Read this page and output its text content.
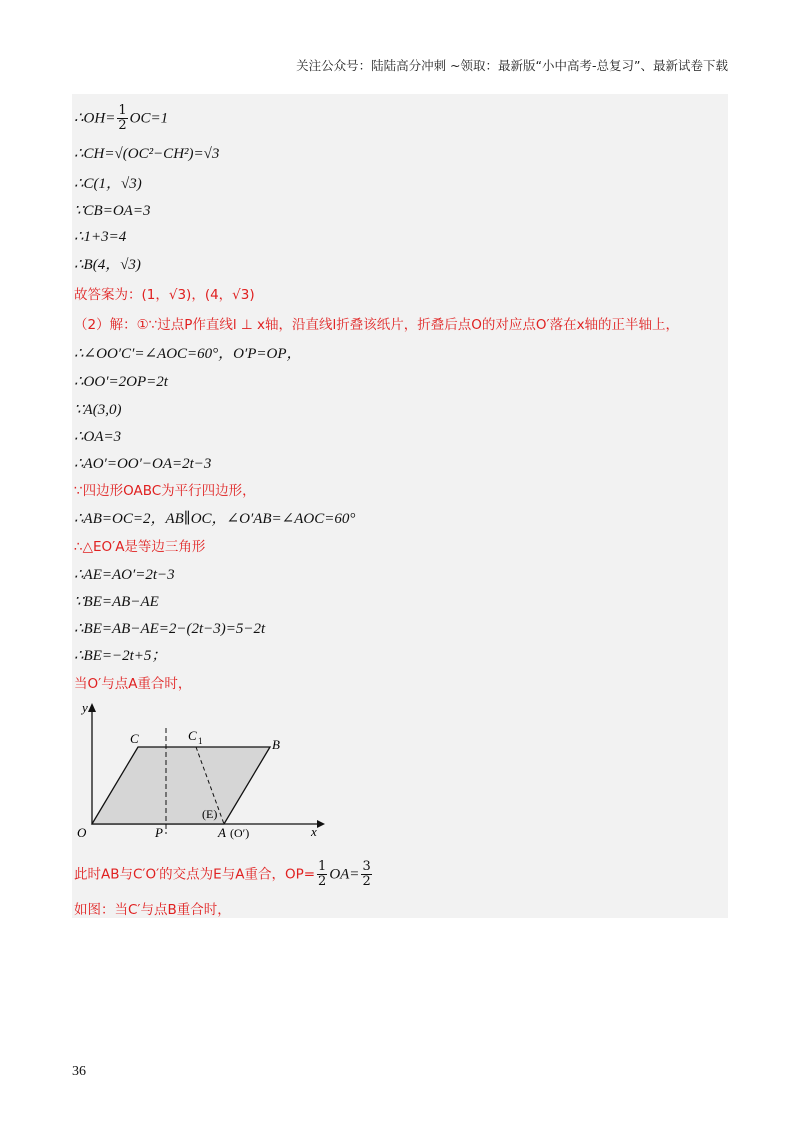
关注公众号：陆陆高分冲刺 ~领取：最新版“小中高考-总复习”、最新试卷下载
∴OH= $\frac{1}{2} OC=1$
∴CH=√(OC²−CH²)=√3
∴C(1，√3)
∵CB=OA=3
∴1+3=4
∴B(4，√3)
故答案为：(1，√3)，(4，√3)
（2）解：①∵过点P作直线l ⊥ x轴，沿直线l折叠该纸片，折叠后点O的对应点O′落在x轴的正半轴上，
∴∠OO′C′=∠AOC=60°，O′P=OP，
∴OO′=2OP=2t
∵A(3,0)
∴OA=3
∴AO′=OO′−OA=2t−3
∵四边形OABC为平行四边形，
∴AB=OC=2，AB∥OC，∠O′AB=∠AOC=60°
∴△EO′A是等边三角形
∴AE=AO′=2t−3
∵BE=AB−AE
∴BE=AB−AE=2−(2t−3)=5−2t
∴BE=−2t+5；
当O′与点A重合时，
y
x
C	C 1	B
(E)
O	P	A (O′)
此时AB与C′O′的交点为E与A重合，$OP= \frac{1}{2} OA= \frac{3}{2}$
如图：当C′与点B重合时，
36
